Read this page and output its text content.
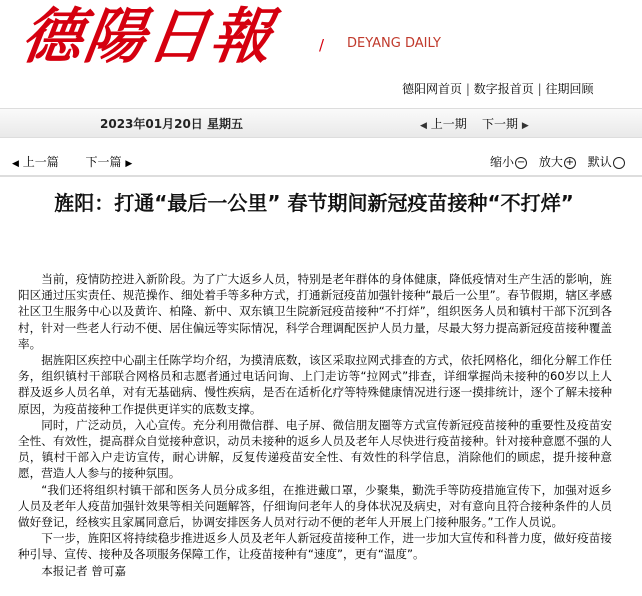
德陽日報	/ DEYANG DAILY
德阳网首页 | 数字报首页 | 往期回顾
2023年01月20日 星期五	◀ 上一期 下一期 ▶
◀ 上一篇 下一篇 ▶	缩小 − 放大 + 默认
旌阳：打通“最后一公里” 春节期间新冠疫苗接种“不打烊”

当前，疫情防控进入新阶段。为了广大返乡人员，特别是老年群体的身体健康，降低疫情对生产生活的影响，旌阳区通过压实责任、规范操作、细处着手等多种方式，打通新冠疫苗加强针接种“最后一公里”。春节假期，辖区孝感社区卫生服务中心以及黄许、柏隆、新中、双东镇卫生院新冠疫苗接种“不打烊”，组织医务人员和镇村干部下沉到各村，针对一些老人行动不便、居住偏远等实际情况，科学合理调配医护人员力量，尽最大努力提高新冠疫苗接种覆盖率。

据旌阳区疾控中心副主任陈学均介绍，为摸清底数，该区采取拉网式排查的方式，依托网格化，细化分解工作任务，组织镇村干部联合网格员和志愿者通过电话问询、上门走访等“拉网式”排查，详细掌握尚未接种的60岁以上人群及返乡人员名单，对有无基础病、慢性疾病，是否在适析化疗等特殊健康情况进行逐一摸排统计，逐个了解未接种原因，为疫苗接种工作提供更详实的底数支撑。

同时，广泛动员，入心宣传。充分利用微信群、电子屏、微信朋友圈等方式宣传新冠疫苗接种的重要性及疫苗安全性、有效性，提高群众自觉接种意识，动员未接种的返乡人员及老年人尽快进行疫苗接种。针对接种意愿不强的人员，镇村干部入户走访宣传，耐心讲解，反复传递疫苗安全性、有效性的科学信息，消除他们的顾虑，提升接种意愿，营造人人参与的接种氛围。

“我们还将组织村镇干部和医务人员分成多组，在推进戴口罩，少聚集，勤洗手等防疫措施宣传下，加强对返乡人员及老年人疫苗加强针效果等相关问题解答，仔细询问老年人的身体状况及病史，对有意向且符合接种条件的人员做好登记，经核实且家属同意后，协调安排医务人员对行动不便的老年人开展上门接种服务。”工作人员说。

下一步，旌阳区将持续稳步推进返乡人员及老年人新冠疫苗接种工作，进一步加大宣传和科普力度，做好疫苗接种引导、宣传、接种及各项服务保障工作，让疫苗接种有“速度”，更有“温度”。

本报记者 曾可嘉
